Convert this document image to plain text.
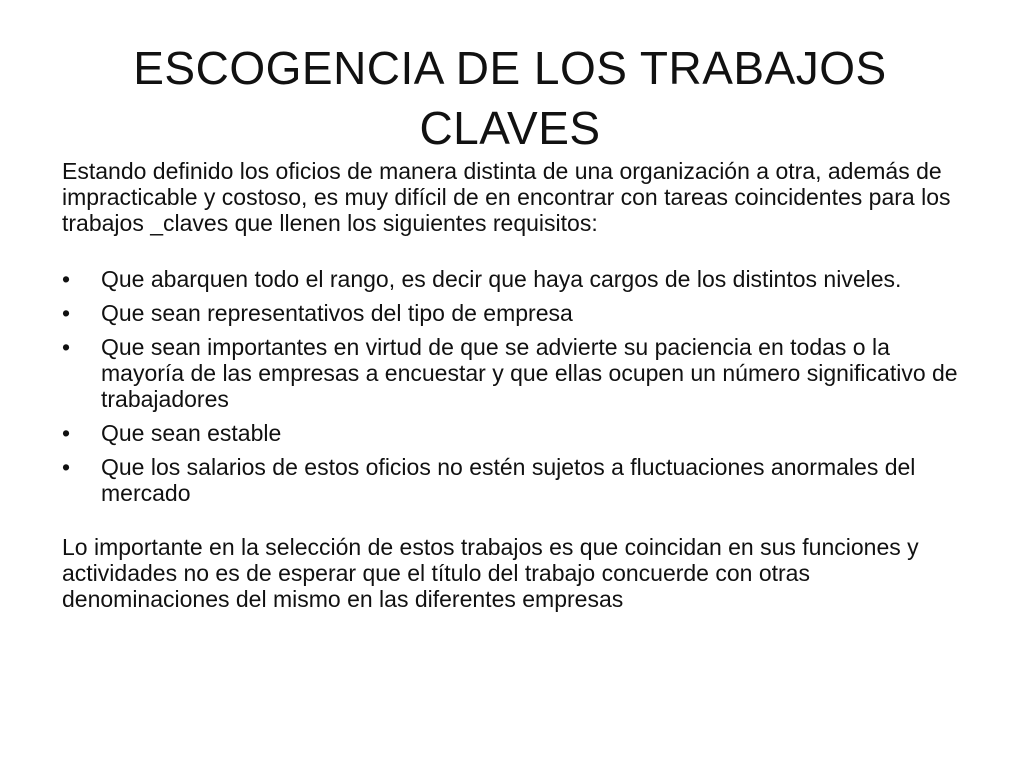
ESCOGENCIA DE LOS TRABAJOS CLAVES

Estando definido los oficios de manera distinta de una organización a otra, además de impracticable y costoso, es muy difícil de en encontrar con tareas coincidentes para los trabajos _claves que llenen los siguientes requisitos:

• Que abarquen todo el rango, es decir que haya cargos de los distintos niveles.
• Que sean representativos del tipo de empresa
• Que sean importantes en virtud de que se advierte su paciencia en todas o la mayoría de las empresas a encuestar y que ellas ocupen un número significativo de trabajadores
• Que sean estable
• Que los salarios de estos oficios no estén sujetos a fluctuaciones anormales del mercado

Lo importante en la selección de estos trabajos es que coincidan en sus funciones y actividades no es de esperar que el título del trabajo concuerde con otras denominaciones del mismo en las diferentes empresas
